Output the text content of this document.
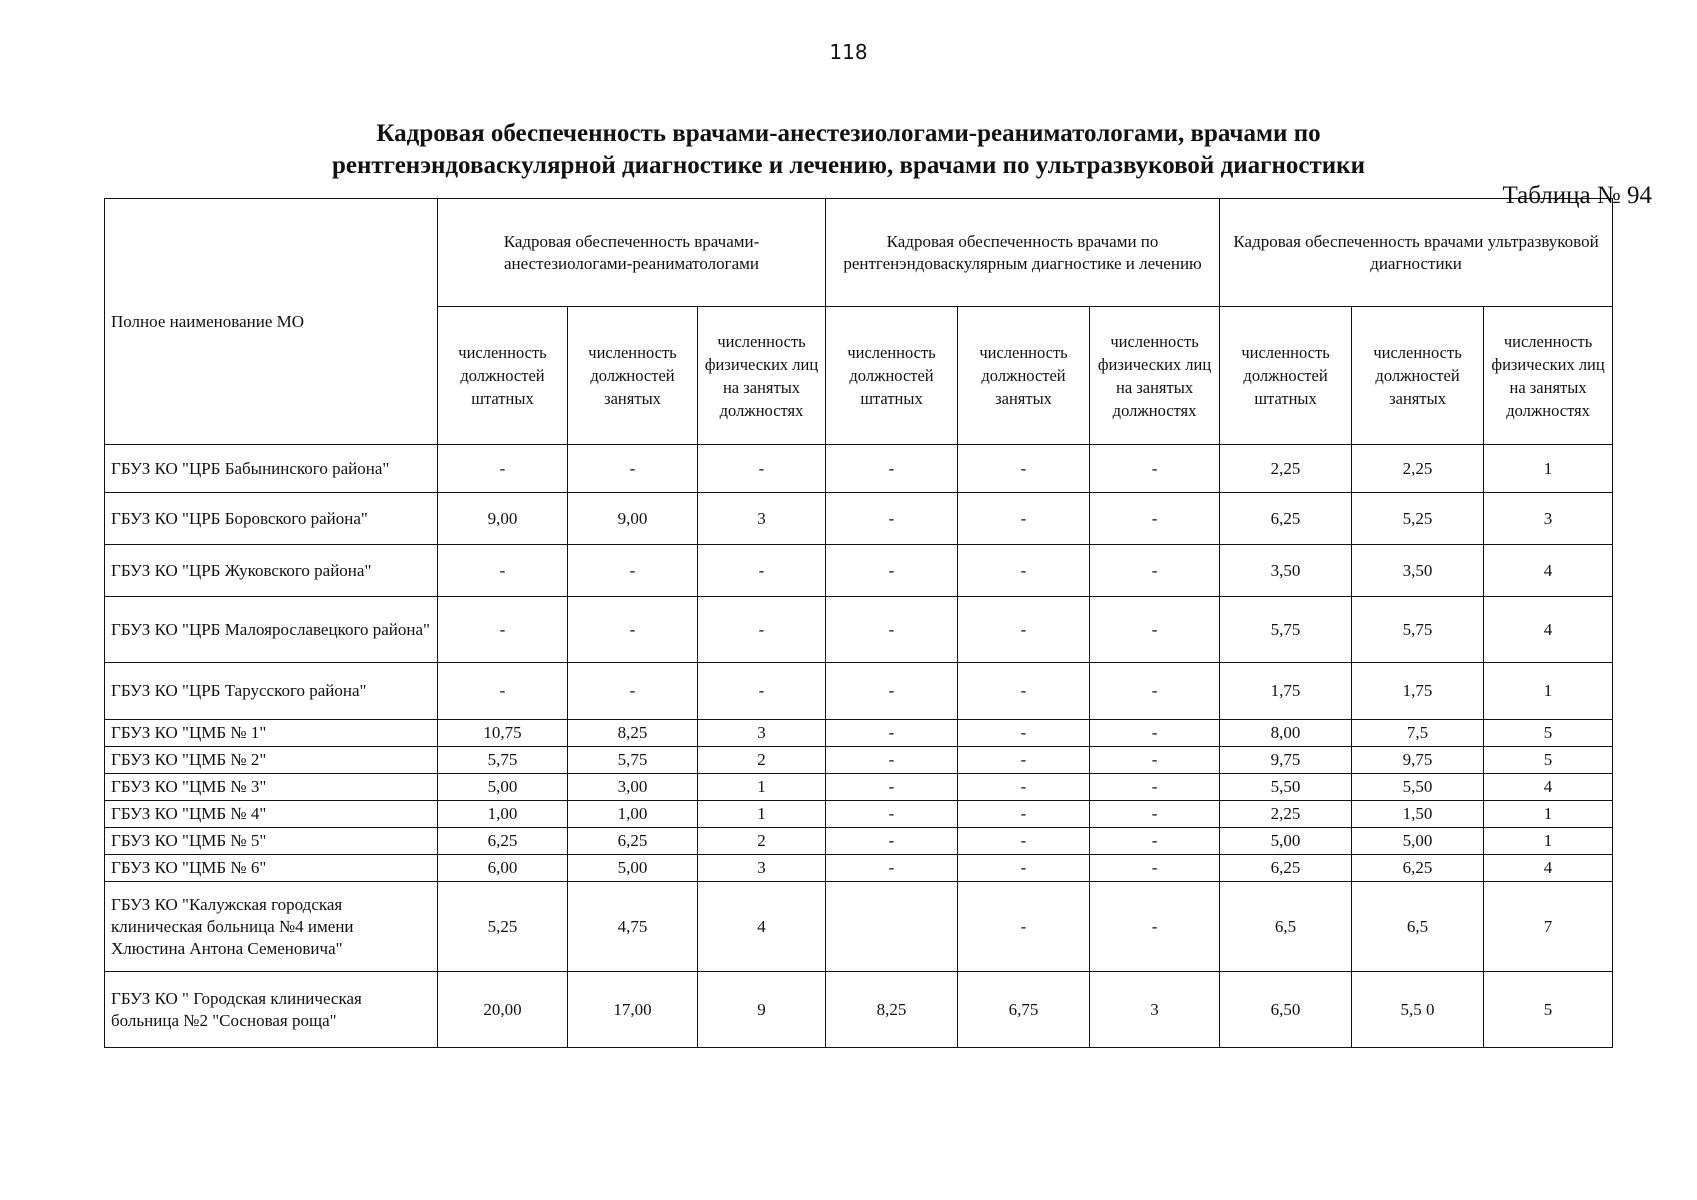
118
Кадровая обеспеченность врачами-анестезиологами-реаниматологами, врачами по
рентгенэндоваскулярной диагностике и лечению, врачами по ультразвуковой диагностики
Таблица № 94
Полное наименование МО	Кадровая обеспеченность врачами-анестезиологами-реаниматологами			Кадровая обеспеченность врачами по рентгенэндоваскулярным диагностике и лечению			Кадровая обеспеченность врачами ультразвуковой диагностики		

	численность должностей штатных	численность должностей занятых	численность физических лиц на занятых должностях	численность должностей штатных	численность должностей занятых	численность физических лиц на занятых должностях	численность должностей штатных	численность должностей занятых	численность физических лиц на занятых должностях

ГБУЗ КО "ЦРБ Бабынинского района"	-	-	-	-	-	-	2,25	2,25	1
ГБУЗ КО "ЦРБ Боровского района"	9,00	9,00	3	-	-	-	6,25	5,25	3
ГБУЗ КО "ЦРБ Жуковского района"	-	-	-	-	-	-	3,50	3,50	4
ГБУЗ КО "ЦРБ Малоярославецкого района"	-	-	-	-	-	-	5,75	5,75	4
ГБУЗ КО "ЦРБ Тарусского района"	-	-	-	-	-	-	1,75	1,75	1
ГБУЗ КО "ЦМБ № 1"	10,75	8,25	3	-	-	-	8,00	7,5	5
ГБУЗ КО "ЦМБ № 2"	5,75	5,75	2	-	-	-	9,75	9,75	5
ГБУЗ КО "ЦМБ № 3"	5,00	3,00	1	-	-	-	5,50	5,50	4
ГБУЗ КО "ЦМБ № 4"	1,00	1,00	1	-	-	-	2,25	1,50	1
ГБУЗ КО "ЦМБ № 5"	6,25	6,25	2	-	-	-	5,00	5,00	1
ГБУЗ КО "ЦМБ № 6"	6,00	5,00	3	-	-	-	6,25	6,25	4
ГБУЗ КО "Калужская городская клиническая больница №4 имени Хлюстина Антона Семеновича"	5,25	4,75	4		-	-	6,5	6,5	7
ГБУЗ КО " Городская клиническая больница №2 "Сосновая роща"	20,00	17,00	9	8,25	6,75	3	6,50	5,5 0	5
